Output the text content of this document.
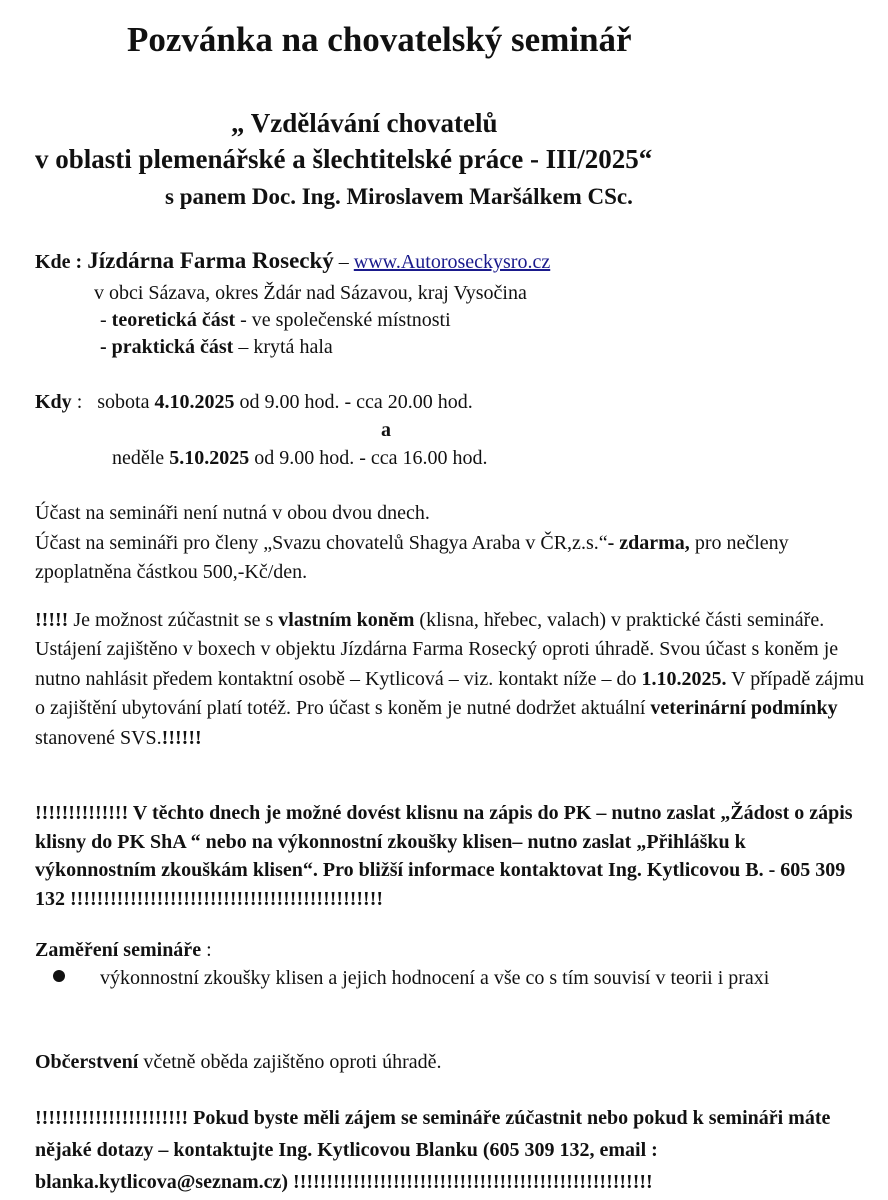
Pozvánka na chovatelský seminář
„ Vzdělávání chovatelů
v oblasti plemenářské a šlechtitelské práce - III/2025“
s panem Doc. Ing. Miroslavem Maršálkem CSc.
Kde : Jízdárna Farma Rosecký – www.Autoroseckysro.cz
v obci Sázava, okres Ždár nad Sázavou, kraj Vysočina
- teoretická část - ve společenské místnosti
- praktická část – krytá hala
Kdy : sobota 4.10.2025 od 9.00 hod. - cca 20.00 hod.
a
neděle 5.10.2025 od 9.00 hod. - cca 16.00 hod.
Účast na semináři není nutná v obou dvou dnech.
Účast na semináři pro členy „Svazu chovatelů Shagya Araba v ČR,z.s.“- zdarma, pro nečleny zpoplatněna částkou 500,-Kč/den.
!!!!! Je možnost zúčastnit se s vlastním koněm (klisna, hřebec, valach) v praktické části semináře. Ustájení zajištěno v boxech v objektu Jízdárna Farma Rosecký oproti úhradě. Svou účast s koněm je nutno nahlásit předem kontaktní osobě – Kytlicová – viz. kontakt níže – do 1.10.2025. V případě zájmu o zajištění ubytování platí totéž. Pro účast s koněm je nutné dodržet aktuální veterinární podmínky stanovené SVS.!!!!!!
!!!!!!!!!!!!!! V těchto dnech je možné dovést klisnu na zápis do PK – nutno zaslat „Žádost o zápis klisny do PK ShA “ nebo na výkonnostní zkoušky klisen– nutno zaslat „Přihlášku k výkonnostním zkouškám klisen“. Pro bližší informace kontaktovat Ing. Kytlicovou B. - 605 309 132 !!!!!!!!!!!!!!!!!!!!!!!!!!!!!!!!!!!!!!!!!!!!!!!
Zaměření semináře :
výkonnostní zkoušky klisen a jejich hodnocení a vše co s tím souvisí v teorii i praxi
Občerstvení včetně oběda zajištěno oproti úhradě.
!!!!!!!!!!!!!!!!!!!!!!! Pokud byste měli zájem se semináře zúčastnit nebo pokud k semináři máte nějaké dotazy – kontaktujte Ing. Kytlicovou Blanku (605 309 132, email : blanka.kytlicova@seznam.cz) !!!!!!!!!!!!!!!!!!!!!!!!!!!!!!!!!!!!!!!!!!!!!!!!!!!!!!
